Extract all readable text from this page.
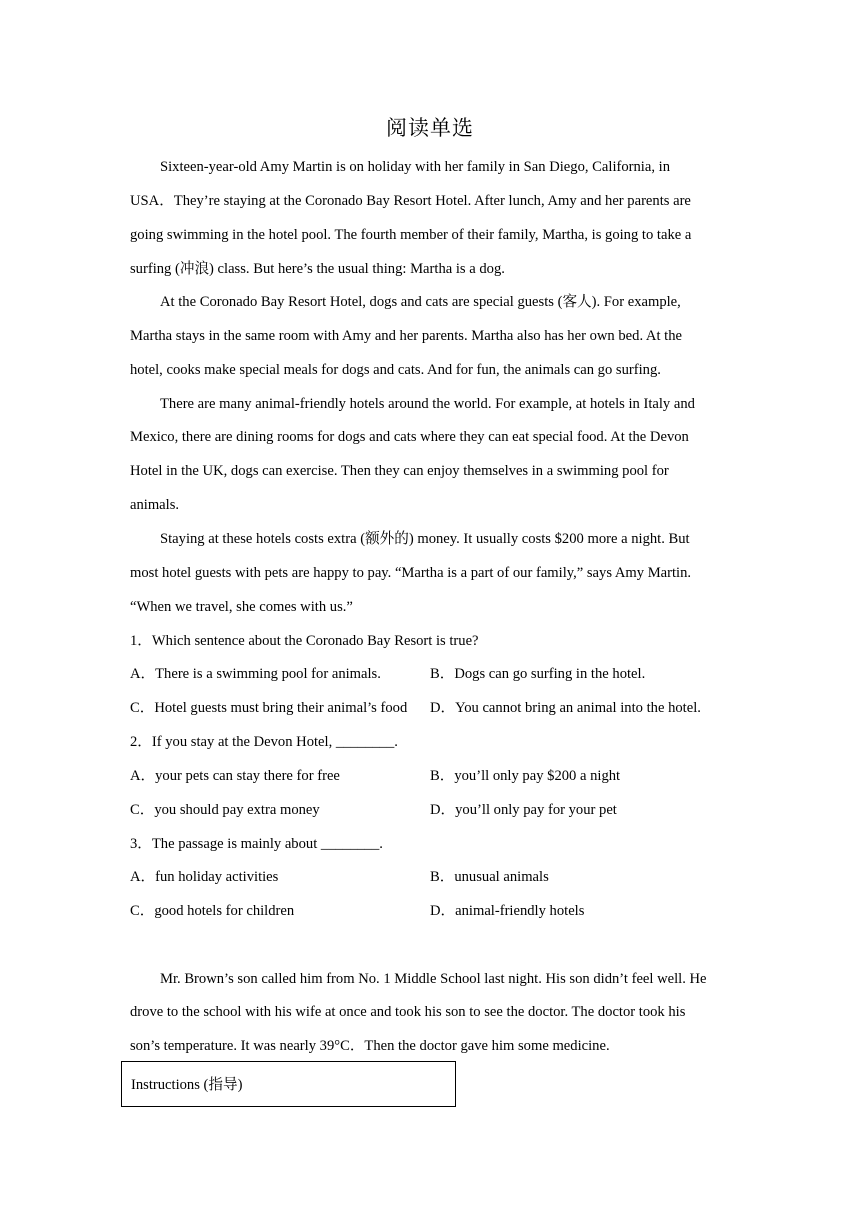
阅读单选
Sixteen-year-old Amy Martin is on holiday with her family in San Diego, California, in
USA．They’re staying at the Coronado Bay Resort Hotel. After lunch, Amy and her parents are
going swimming in the hotel pool. The fourth member of their family, Martha, is going to take a
surfing (冲浪) class. But here’s the usual thing: Martha is a dog.
At the Coronado Bay Resort Hotel, dogs and cats are special guests (客人). For example,
Martha stays in the same room with Amy and her parents. Martha also has her own bed. At the
hotel, cooks make special meals for dogs and cats. And for fun, the animals can go surfing.
There are many animal-friendly hotels around the world. For example, at hotels in Italy and
Mexico, there are dining rooms for dogs and cats where they can eat special food. At the Devon
Hotel in the UK, dogs can exercise. Then they can enjoy themselves in a swimming pool for
animals.
Staying at these hotels costs extra (额外的) money. It usually costs $200 more a night. But
most hotel guests with pets are happy to pay. “Martha is a part of our family,” says Amy Martin.
“When we travel, she comes with us.”
1．Which sentence about the Coronado Bay Resort is true?
A．There is a swimming pool for animals.	B．Dogs can go surfing in the hotel.
C．Hotel guests must bring their animal’s food D．You cannot bring an animal into the hotel.
2．If you stay at the Devon Hotel, ________.
A．your pets can stay there for free	B．you’ll only pay $200 a night
C．you should pay extra money	D．you’ll only pay for your pet
3．The passage is mainly about ________.
A．fun holiday activities	B．unusual animals
C．good hotels for children	D．animal-friendly hotels
Mr. Brown’s son called him from No. 1 Middle School last night. His son didn’t feel well. He
drove to the school with his wife at once and took his son to see the doctor. The doctor took his
son’s temperature. It was nearly 39°C．Then the doctor gave him some medicine.
Instructions (指导)
